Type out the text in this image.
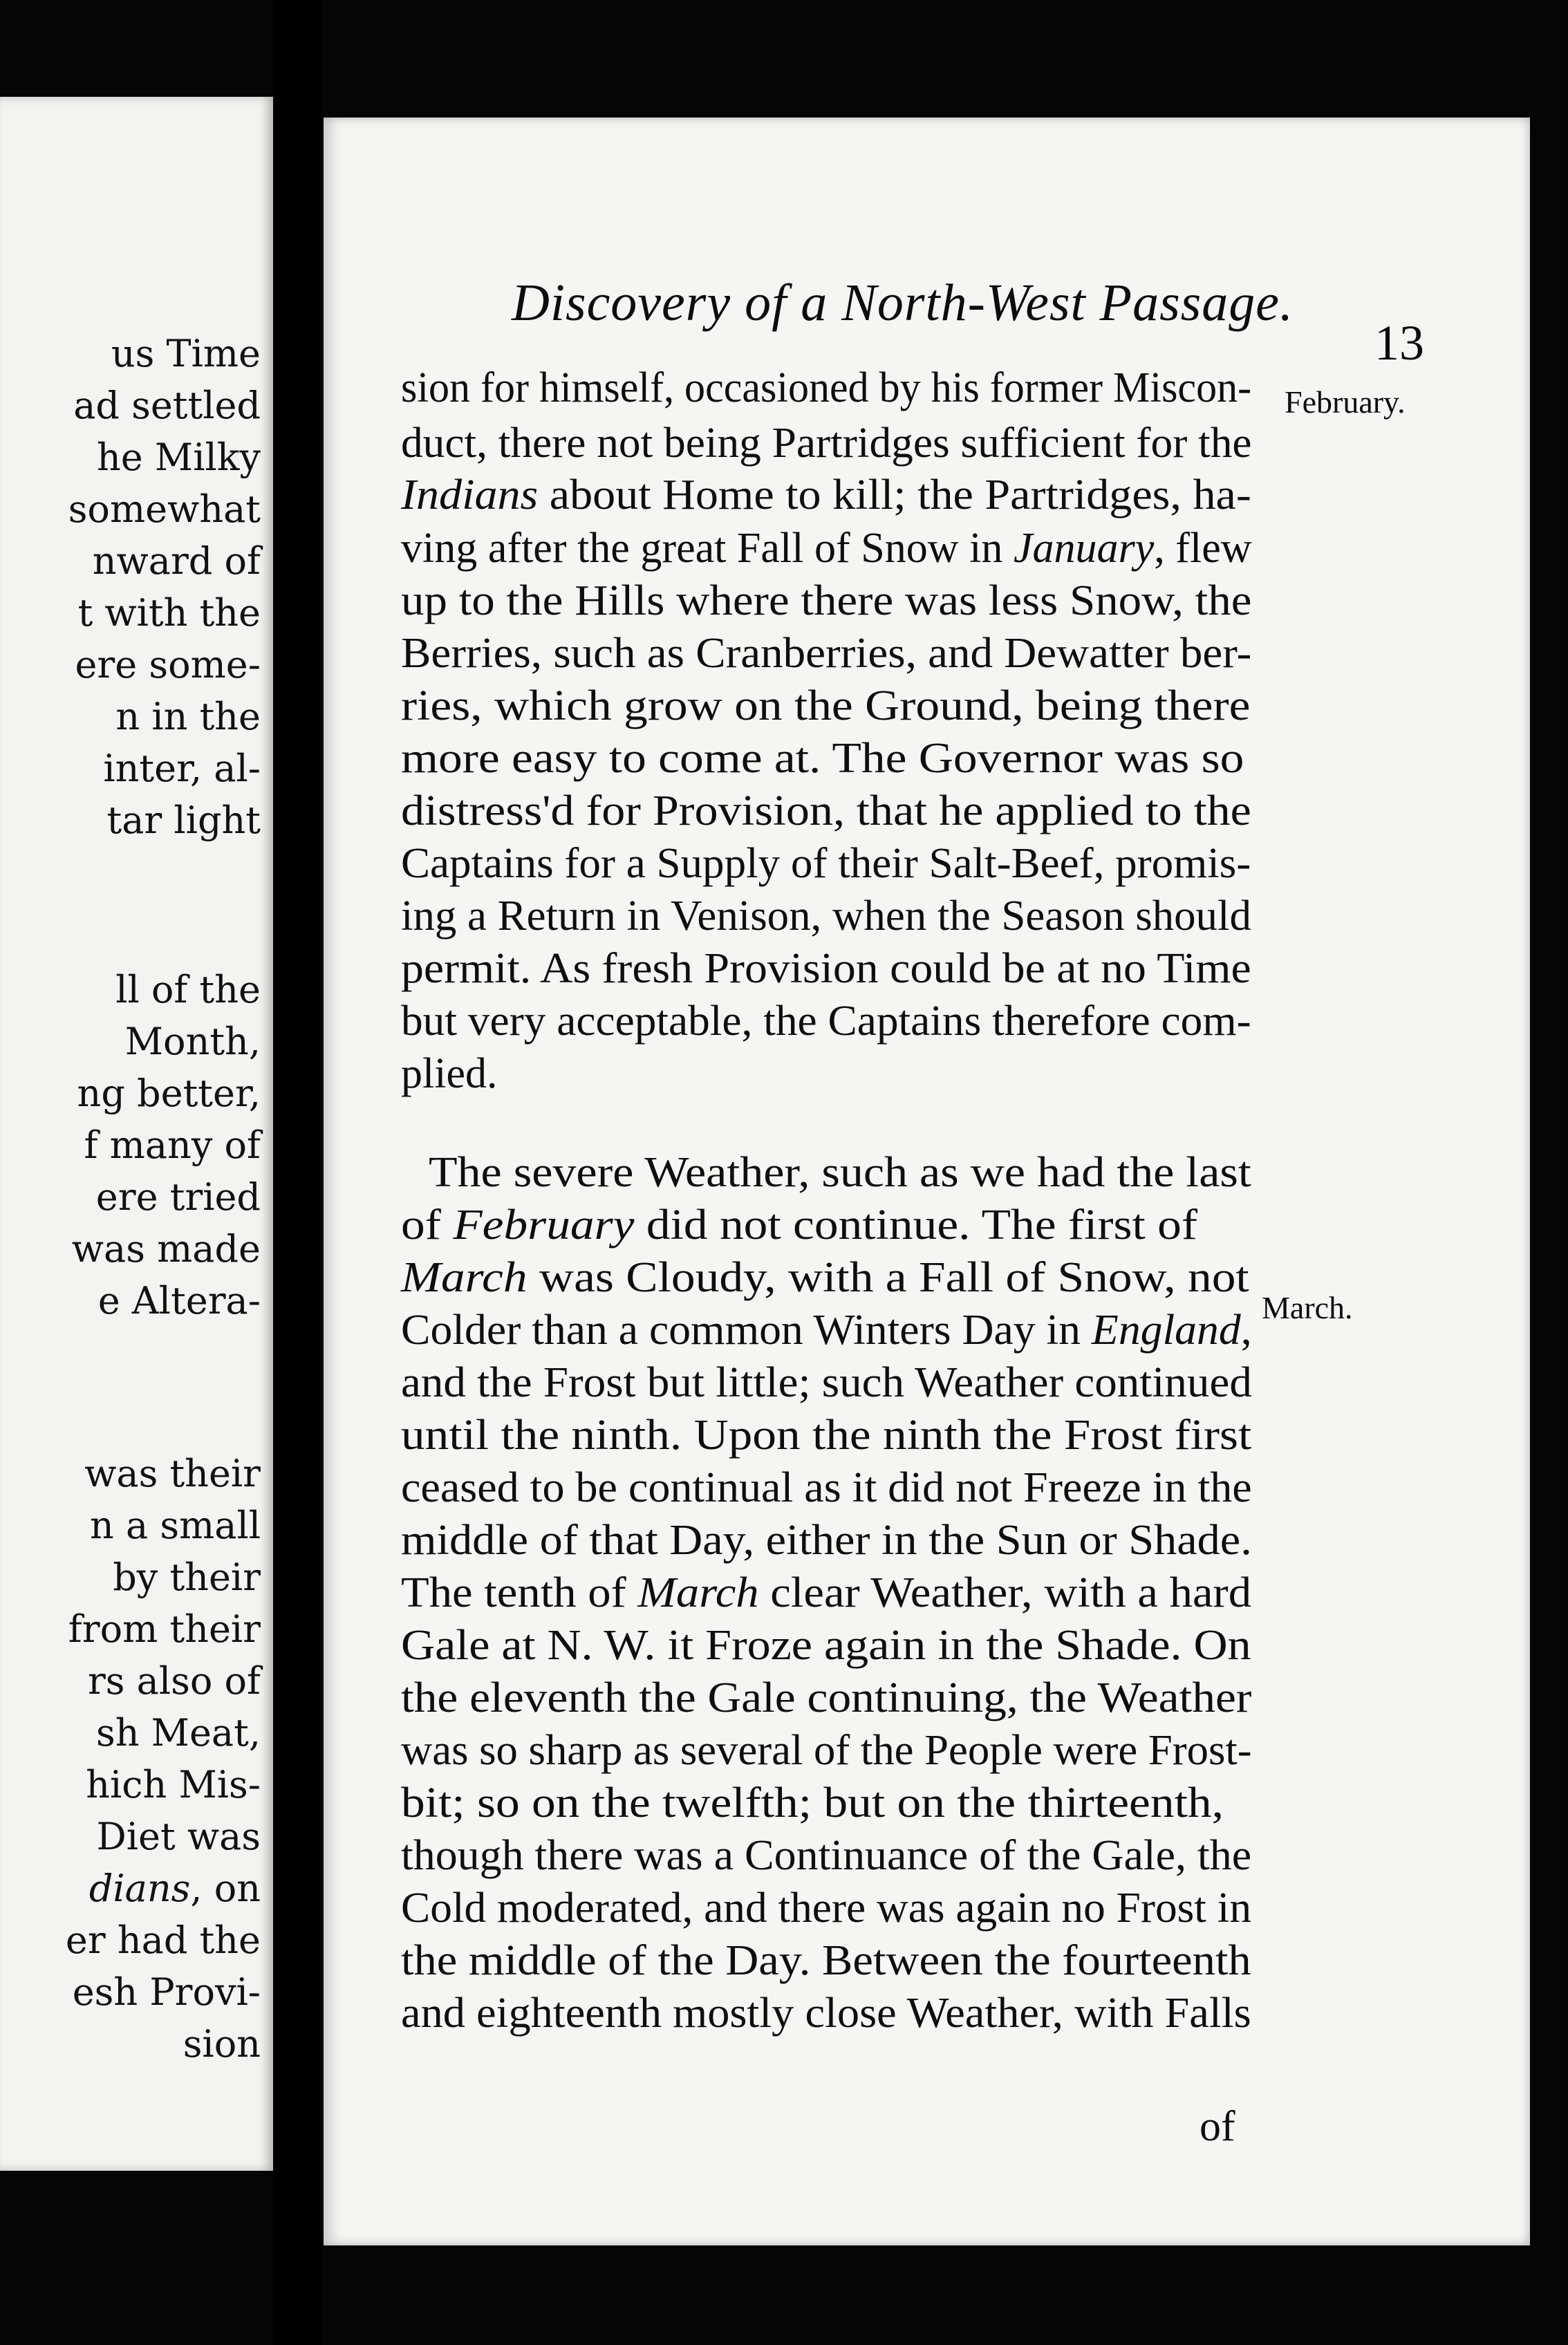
us Time
ad settled
he Milky
somewhat
nward of
t with the
ere some-
n in the
inter, al-
tar light
ll of the
Month,
ng better,
f many of
ere tried
was made
e Altera-
was their
n a small
by their
from their
rs also of
sh Meat,
hich Mis-
Diet was
dians, on
er had the
esh Provi-
sion
Discovery of a North-West Passage.
13
February.
March.
sion for himself, occasioned by his former Miscon-
duct, there not being Partridges sufficient for the
Indians about Home to kill; the Partridges, ha-
ving after the great Fall of Snow in January, flew
up to the Hills where there was less Snow, the
Berries, such as Cranberries, and Dewatter ber-
ries, which grow on the Ground, being there
more easy to come at. The Governor was so
distress'd for Provision, that he applied to the
Captains for a Supply of their Salt-Beef, promis-
ing a Return in Venison, when the Season should
permit. As fresh Provision could be at no Time
but very acceptable, the Captains therefore com-
plied.
The severe Weather, such as we had the last
of February did not continue. The first of
March was Cloudy, with a Fall of Snow, not
Colder than a common Winters Day in England,
and the Frost but little; such Weather continued
until the ninth. Upon the ninth the Frost first
ceased to be continual as it did not Freeze in the
middle of that Day, either in the Sun or Shade.
The tenth of March clear Weather, with a hard
Gale at N. W. it Froze again in the Shade. On
the eleventh the Gale continuing, the Weather
was so sharp as several of the People were Frost-
bit; so on the twelfth; but on the thirteenth,
though there was a Continuance of the Gale, the
Cold moderated, and there was again no Frost in
the middle of the Day. Between the fourteenth
and eighteenth mostly close Weather, with Falls
of
